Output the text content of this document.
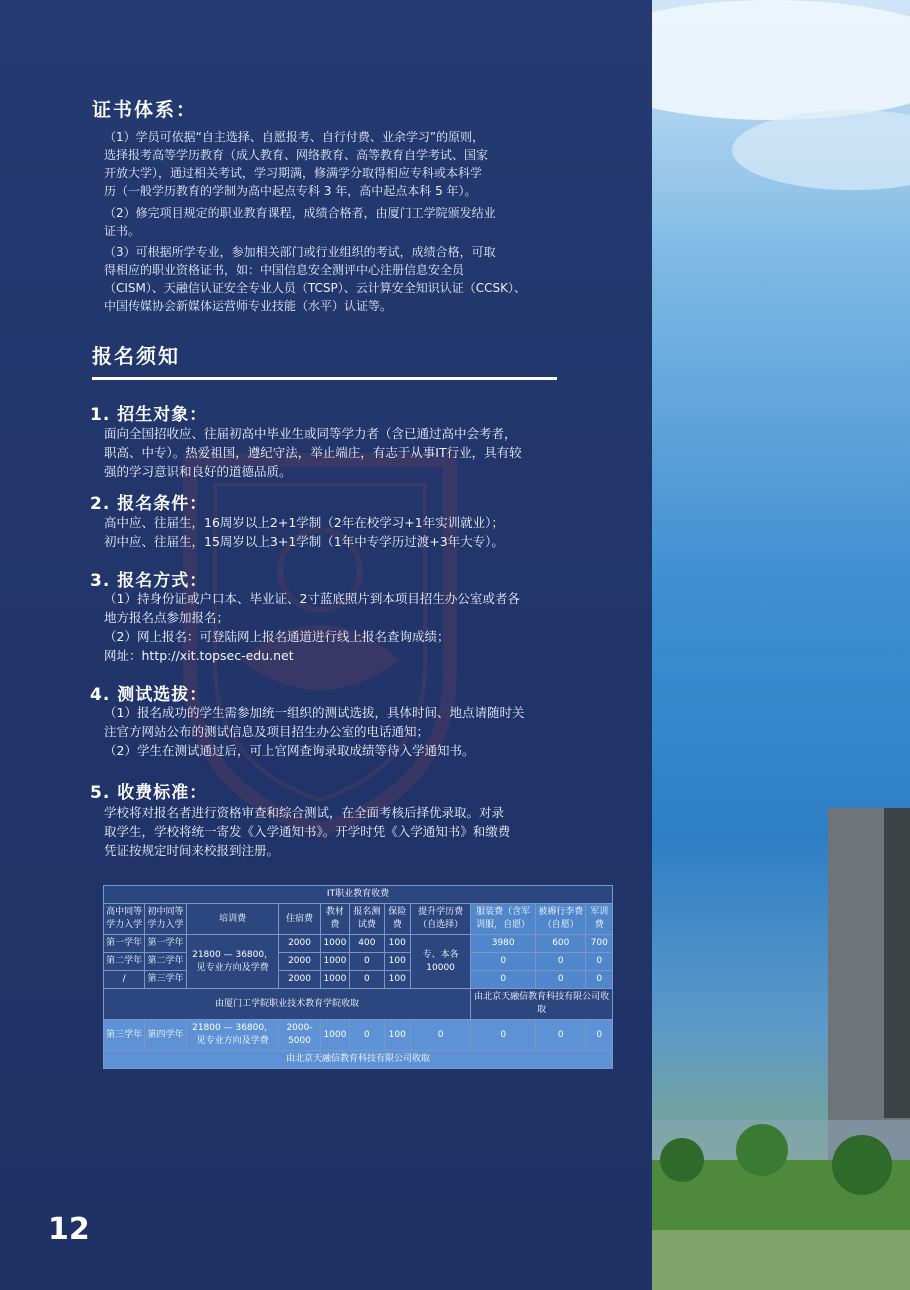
证书体系：
（1）学员可依据“自主选择、自愿报考、自行付费、业余学习”的原则，
选择报考高等学历教育（成人教育、网络教育、高等教育自学考试、国家
开放大学），通过相关考试，学习期满，修满学分取得相应专科或本科学
历（一般学历教育的学制为高中起点专科 3 年，高中起点本科 5 年）。
（2）修完项目规定的职业教育课程，成绩合格者，由厦门工学院颁发结业
证书。
（3）可根据所学专业，参加相关部门或行业组织的考试，成绩合格，可取
得相应的职业资格证书，如：中国信息安全测评中心注册信息安全员
（CISM）、天融信认证安全专业人员（TCSP）、云计算安全知识认证（CCSK）、
中国传媒协会新媒体运营师专业技能（水平）认证等。
报名须知
1. 招生对象：
面向全国招收应、往届初高中毕业生或同等学力者（含已通过高中会考者，
职高、中专）。热爱祖国，遵纪守法，举止端庄，有志于从事IT行业，具有较
强的学习意识和良好的道德品质。
2. 报名条件：
高中应、往届生，16周岁以上2+1学制（2年在校学习+1年实训就业）；
初中应、往届生，15周岁以上3+1学制（1年中专学历过渡+3年大专）。
3. 报名方式：
（1）持身份证或户口本、毕业证、2寸蓝底照片到本项目招生办公室或者各
地方报名点参加报名；
（2）网上报名：可登陆网上报名通道进行线上报名查询成绩；
网址：http://xit.topsec-edu.net
4. 测试选拔：
（1）报名成功的学生需参加统一组织的测试选拔，具体时间、地点请随时关
注官方网站公布的测试信息及项目招生办公室的电话通知；
（2）学生在测试通过后，可上官网查询录取成绩等待入学通知书。
5. 收费标准：
学校将对报名者进行资格审查和综合测试，在全面考核后择优录取。对录
取学生，学校将统一寄发《入学通知书》。开学时凭《入学通知书》和缴费
凭证按规定时间来校报到注册。
IT职业教育收费										
高中同等学力入学	初中同等学力入学	培训费	住宿费	教材费	报名测试费	保险费	提升学历费（自选择）	服装费（含军训服，自愿）	被褥行李费（自愿）	军训费
第一学年	第一学年	21800 — 36800，见专业方向及学费	2000	1000	400	100	专、本各10000	3980	600	700
第二学年	第二学年		2000	1000	0	100		0	0	0
/	第三学年		2000	1000	0	100		0	0	0
由厦门工学院职业技术教育学院收取								由北京天融信教育科技有限公司收取		
第三学年	第四学年	21800 — 36800，见专业方向及学费	2000-5000	1000	0	100	0	0	0	0
由北京天融信教育科技有限公司收取										
12
